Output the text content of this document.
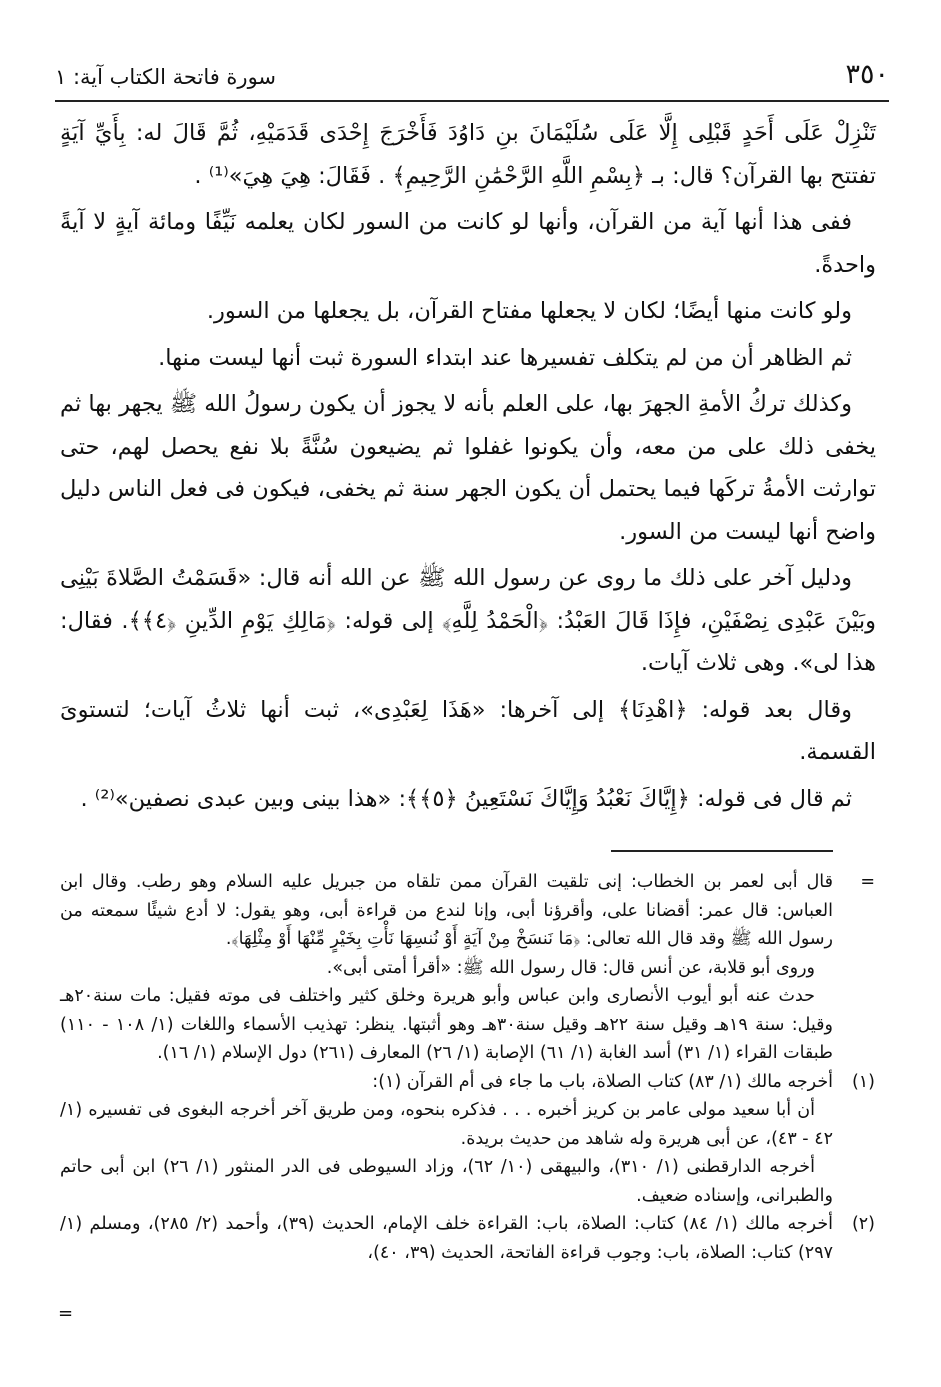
٣٥٠
سورة فاتحة الكتاب آية: ١

تَنْزِلْ عَلَى أَحَدٍ قَبْلِى إِلَّا عَلَى سُلَيْمَانَ بنِ دَاوُدَ فَأَخْرَجَ إِحْدَى قَدَمَيْهِ، ثُمَّ قَالَ له: بِأَيِّ آيَةٍ تفتتح بها القرآن؟ قال: بـ ﴿بِسْمِ اللَّهِ الرَّحْمَٰنِ الرَّحِيمِ﴾ . فَقَالَ: هِيَ هِيَ»⁽¹⁾ .

ففى هذا أنها آية من القرآن، وأنها لو كانت من السور لكان يعلمه نَيِّفًا ومائة آيةٍ لا آيةً واحدةً.

ولو كانت منها أيضًا؛ لكان لا يجعلها مفتاح القرآن، بل يجعلها من السور.

ثم الظاهر أن من لم يتكلف تفسيرها عند ابتداء السورة ثبت أنها ليست منها.

وكذلك تركُ الأمةِ الجهرَ بها، على العلم بأنه لا يجوز أن يكون رسولُ الله ﷺ يجهر بها ثم يخفى ذلك على من معه، وأن يكونوا غفلوا ثم يضيعون سُنَّةً بلا نفع يحصل لهم، حتى توارثت الأمةُ تركَها فيما يحتمل أن يكون الجهر سنة ثم يخفى، فيكون فى فعل الناس دليل واضح أنها ليست من السور.

ودليل آخر على ذلك ما روى عن رسول الله ﷺ عن الله أنه قال: «قَسَمْتُ الصَّلاةَ بَيْنِى وبَيْنَ عَبْدِى نِصْفَيْنِ، فإِذَا قَالَ العَبْدُ: ﴿الْحَمْدُ لِلَّهِ﴾ إلى قوله: ﴿مَالِكِ يَوْمِ الدِّينِ ﴿٤﴾﴾. فقال: هذا لى». وهى ثلاث آيات.

وقال بعد قوله: ﴿اهْدِنَا﴾ إلى آخرها: «هَذَا لِعَبْدِى»، ثبت أنها ثلاثُ آيات؛ لتستوىَ القسمة.

ثم قال فى قوله: ﴿إِيَّاكَ نَعْبُدُ وَإِيَّاكَ نَسْتَعِينُ ﴿٥﴾﴾: «هذا بينى وبين عبدى نصفين»⁽²⁾ .

=
قال أبى لعمر بن الخطاب: إنى تلقيت القرآن ممن تلقاه من جبريل عليه السلام وهو رطب. وقال ابن العباس: قال عمر: أقضانا على، وأقرؤنا أبى، وإنا لندع من قراءة أبى، وهو يقول: لا أدع شيئًا سمعته من رسول الله ﷺ وقد قال الله تعالى: ﴿مَا نَنسَخْ مِنْ آيَةٍ أَوْ نُنسِهَا نَأْتِ بِخَيْرٍ مِّنْهَا أَوْ مِثْلِهَا﴾.
وروى أبو قلابة، عن أنس قال: قال رسول الله ﷺ: «أقرأ أمتى أبى».
حدث عنه أبو أيوب الأنصارى وابن عباس وأبو هريرة وخلق كثير واختلف فى موته فقيل: مات سنة٢٠هـ وقيل: سنة ١٩هـ وقيل سنة ٢٢هـ وقيل سنة٣٠هـ وهو أثبتها. ينظر: تهذيب الأسماء واللغات (١/ ١٠٨ - ١١٠) طبقات القراء (١/ ٣١) أسد الغابة (١/ ٦١) الإصابة (١/ ٢٦) المعارف (٢٦١) دول الإسلام (١/ ١٦).
(١)
أخرجه مالك (١/ ٨٣) كتاب الصلاة، باب ما جاء فى أم القرآن (١):
أن أبا سعيد مولى عامر بن كريز أخبره . . . فذكره بنحوه، ومن طريق آخر أخرجه البغوى فى تفسيره (١/ ٤٢ - ٤٣)، عن أبى هريرة وله شاهد من حديث بريدة.
أخرجه الدارقطنى (١/ ٣١٠)، والبيهقى (١٠/ ٦٢)، وزاد السيوطى فى الدر المنثور (١/ ٢٦) ابن أبى حاتم والطبرانى، وإسناده ضعيف.
(٢)
أخرجه مالك (١/ ٨٤) كتاب: الصلاة، باب: القراءة خلف الإمام، الحديث (٣٩)، وأحمد (٢/ ٢٨٥)، ومسلم (١/ ٢٩٧) كتاب: الصلاة، باب: وجوب قراءة الفاتحة، الحديث (٣٩، ٤٠)،
=
